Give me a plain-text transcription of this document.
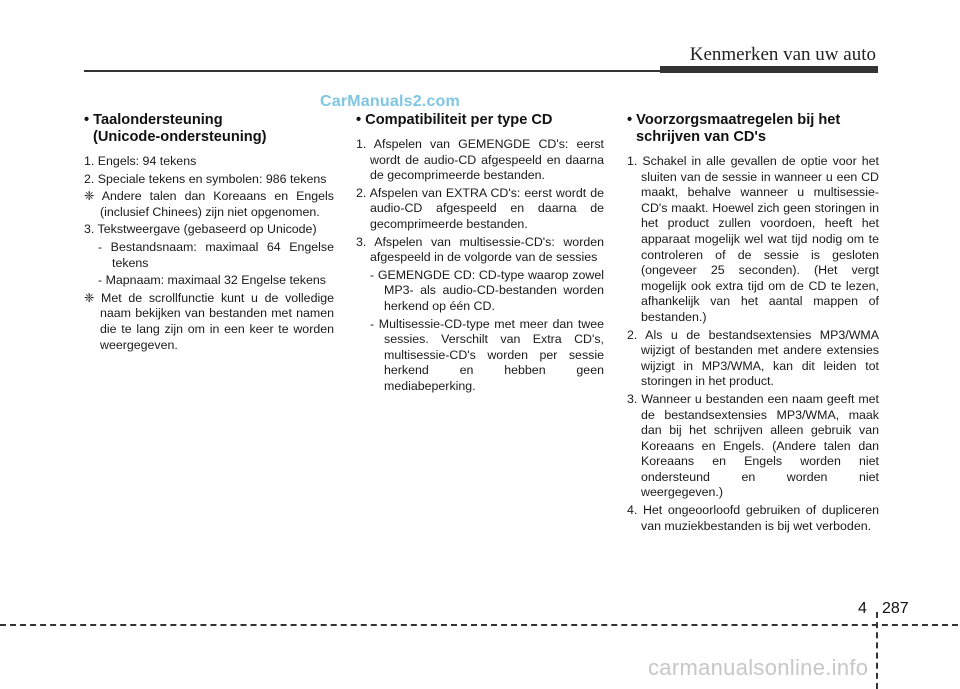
Kenmerken van uw auto
CarManuals2.com
• Taalondersteuning
(Unicode-ondersteuning)
1. Engels: 94 tekens
2. Speciale tekens en symbolen: 986 tekens
❈ Andere talen dan Koreaans en Engels (inclusief Chinees) zijn niet opgenomen.
3. Tekstweergave (gebaseerd op Unicode)
- Bestandsnaam: maximaal 64 Engelse tekens
- Mapnaam: maximaal 32 Engelse tekens
❈ Met de scrollfunctie kunt u de volledige naam bekijken van bestanden met namen die te lang zijn om in een keer te worden weergegeven.
• Compatibiliteit per type CD
1. Afspelen van GEMENGDE CD's: eerst wordt de audio-CD afgespeeld en daarna de gecomprimeerde bestanden.
2. Afspelen van EXTRA CD's: eerst wordt de audio-CD afgespeeld en daarna de gecomprimeerde bestanden.
3. Afspelen van multisessie-CD's: worden afgespeeld in de volgorde van de sessies
- GEMENGDE CD: CD-type waarop zowel MP3- als audio-CD-bestanden worden herkend op één CD.
- Multisessie-CD-type met meer dan twee sessies. Verschilt van Extra CD's, multisessie-CD's worden per sessie herkend en hebben geen mediabeperking.
• Voorzorgsmaatregelen bij het
schrijven van CD's
1. Schakel in alle gevallen de optie voor het sluiten van de sessie in wanneer u een CD maakt, behalve wanneer u multisessie-CD's maakt. Hoewel zich geen storingen in het product zullen voordoen, heeft het apparaat mogelijk wel wat tijd nodig om te controleren of de sessie is gesloten (ongeveer 25 seconden). (Het vergt mogelijk ook extra tijd om de CD te lezen, afhankelijk van het aantal mappen of bestanden.)
2. Als u de bestandsextensies MP3/WMA wijzigt of bestanden met andere extensies wijzigt in MP3/WMA, kan dit leiden tot storingen in het product.
3. Wanneer u bestanden een naam geeft met de bestandsextensies MP3/WMA, maak dan bij het schrijven alleen gebruik van Koreaans en Engels. (Andere talen dan Koreaans en Engels worden niet ondersteund en worden niet weergegeven.)
4. Het ongeoorloofd gebruiken of dupliceren van muziekbestanden is bij wet verboden.
4 287
carmanualsonline.info
